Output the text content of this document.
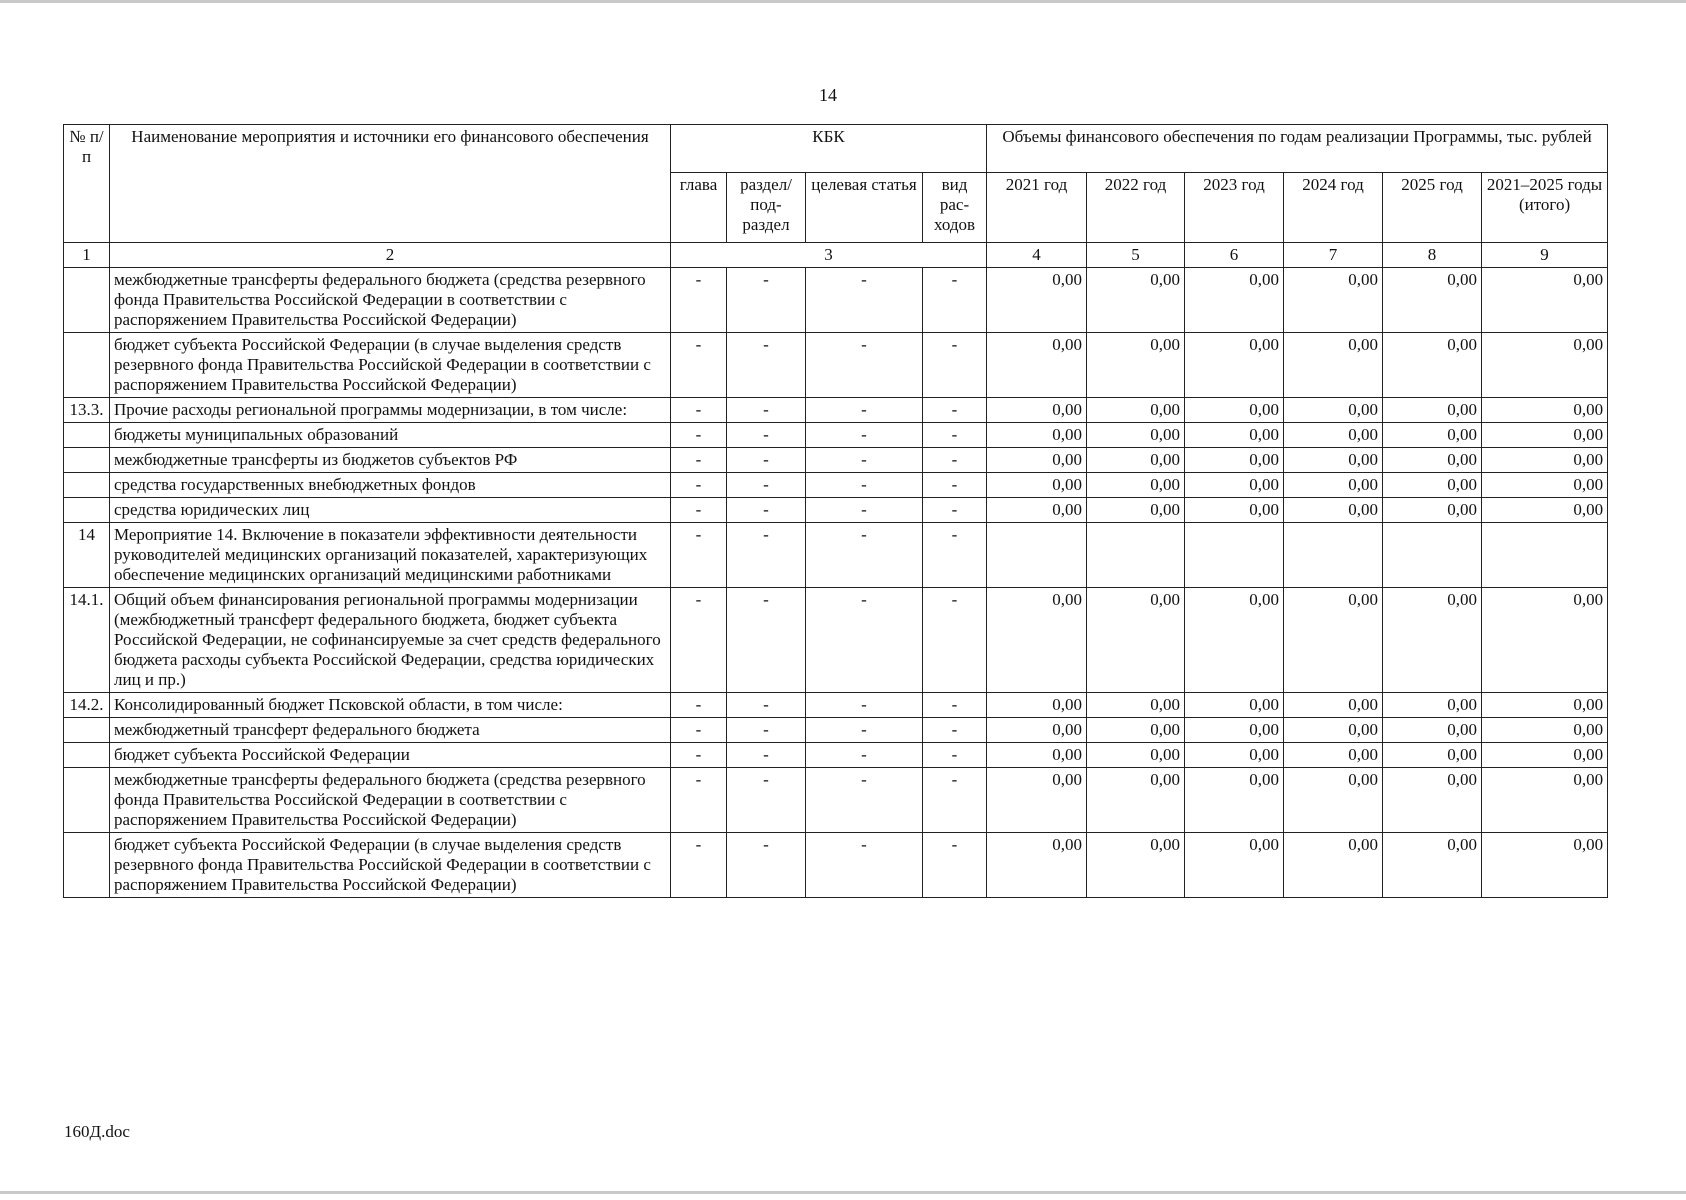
14
№ п/п	Наименование мероприятия и источники его финансового обеспечения	КБК				Объемы финансового обеспечения по годам реализации Программы, тыс. рублей					
		глава	раздел/ под- раздел	целевая статья	вид рас- ходов	2021 год	2022 год	2023 год	2024 год	2025 год	2021–2025 годы (итого)
1	2	3				4	5	6	7	8	9
	межбюджетные трансферты федерального бюджета (средства резервного фонда Правительства Российской Федерации в соответствии с распоряжением Правительства Российской Федерации)	-	-	-	-	0,00	0,00	0,00	0,00	0,00	0,00
	бюджет субъекта Российской Федерации (в случае выделения средств резервного фонда Правительства Российской Федерации в соответствии с распоряжением Правительства Российской Федерации)	-	-	-	-	0,00	0,00	0,00	0,00	0,00	0,00
13.3.	Прочие расходы региональной программы модернизации, в том числе:	-	-	-	-	0,00	0,00	0,00	0,00	0,00	0,00
	бюджеты муниципальных образований	-	-	-	-	0,00	0,00	0,00	0,00	0,00	0,00
	межбюджетные трансферты из бюджетов субъектов РФ	-	-	-	-	0,00	0,00	0,00	0,00	0,00	0,00
	средства государственных внебюджетных фондов	-	-	-	-	0,00	0,00	0,00	0,00	0,00	0,00
	средства юридических лиц	-	-	-	-	0,00	0,00	0,00	0,00	0,00	0,00
14	Мероприятие 14. Включение в показатели эффективности деятельности руководителей медицинских организаций показателей, характеризующих обеспечение медицинских организаций медицинскими работниками	-	-	-	-						
14.1.	Общий объем финансирования региональной программы модернизации (межбюджетный трансферт федерального бюджета, бюджет субъекта Российской Федерации, не софинансируемые за счет средств федерального бюджета расходы субъекта Российской Федерации, средства юридических лиц и пр.)	-	-	-	-	0,00	0,00	0,00	0,00	0,00	0,00
14.2.	Консолидированный бюджет Псковской области, в том числе:	-	-	-	-	0,00	0,00	0,00	0,00	0,00	0,00
	межбюджетный трансферт федерального бюджета	-	-	-	-	0,00	0,00	0,00	0,00	0,00	0,00
	бюджет субъекта Российской Федерации	-	-	-	-	0,00	0,00	0,00	0,00	0,00	0,00
	межбюджетные трансферты федерального бюджета (средства резервного фонда Правительства Российской Федерации в соответствии с распоряжением Правительства Российской Федерации)	-	-	-	-	0,00	0,00	0,00	0,00	0,00	0,00
	бюджет субъекта Российской Федерации (в случае выделения средств резервного фонда Правительства Российской Федерации в соответствии с распоряжением Правительства Российской Федерации)	-	-	-	-	0,00	0,00	0,00	0,00	0,00	0,00
160Д.doc
